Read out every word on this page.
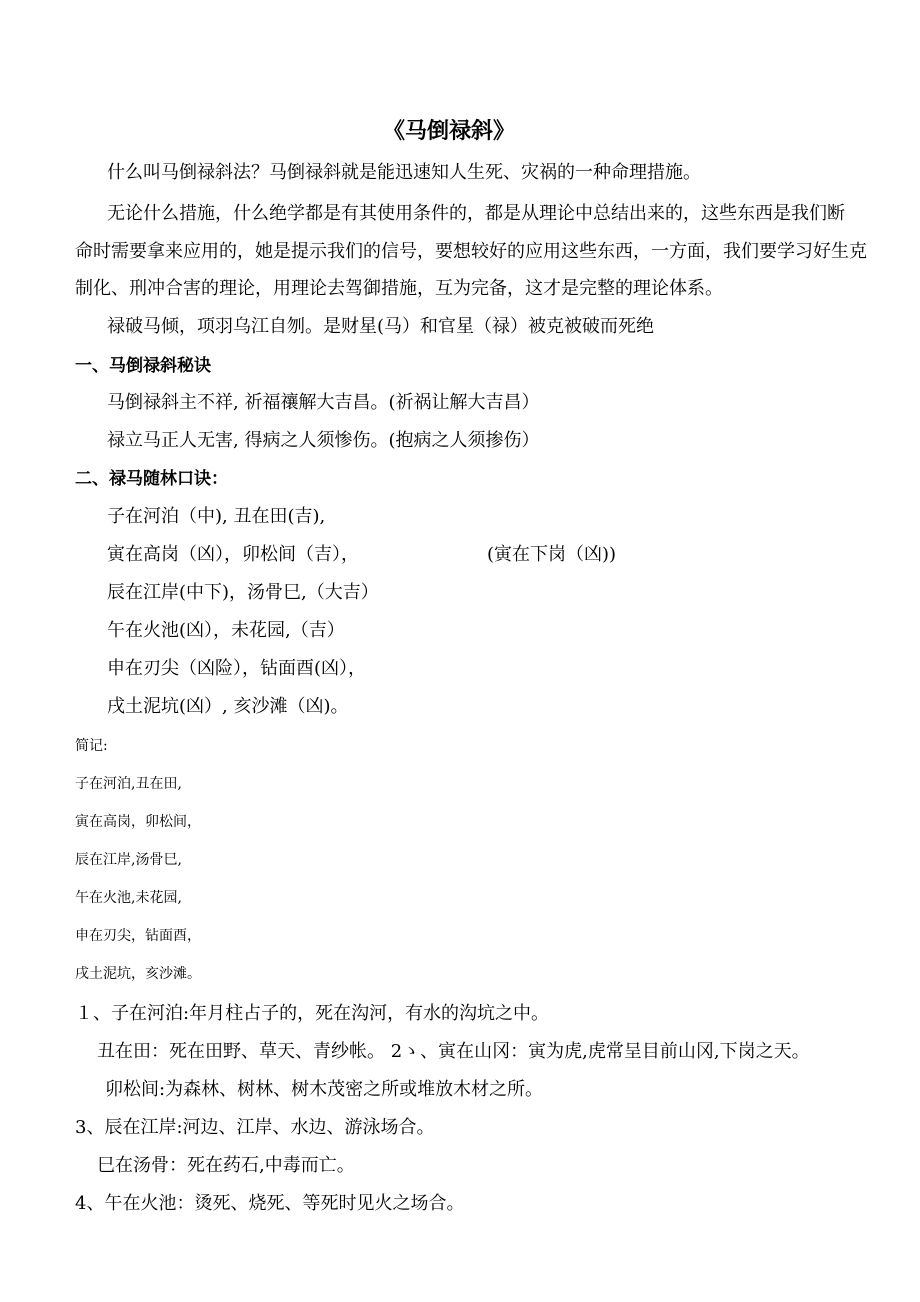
《马倒禄斜》
什么叫马倒禄斜法？马倒禄斜就是能迅速知人生死、灾祸的一种命理措施。
无论什么措施，什么绝学都是有其使用条件的，都是从理论中总结出来的，这些东西是我们断
命时需要拿来应用的，她是提示我们的信号，要想较好的应用这些东西，一方面，我们要学习好生克
制化、刑冲合害的理论，用理论去驾御措施，互为完备，这才是完整的理论体系。
禄破马倾，项羽乌江自刎。是财星(马）和官星（禄）被克被破而死绝
一、马倒禄斜秘诀
马倒禄斜主不祥, 祈福禳解大吉昌。(祈祸让解大吉昌）
禄立马正人无害, 得病之人须惨伤。(抱病之人须掺伤）
二、禄马随林口诀：
子在河泊（中), 丑在田(吉),
寅在高岗（凶），卯松间（吉），	(寅在下岗（凶))
辰在江岸(中下)，汤骨巳,（大吉）
午在火池(凶），未花园,（吉）
申在刃尖（凶险），钻面酉(凶），
戌土泥坑(凶）, 亥沙滩（凶)。
简记:
子在河泊,丑在田,
寅在高岗，卯松间，
辰在江岸,汤骨巳,
午在火池,未花园,
申在刃尖，钻面酉，
戌土泥坑，亥沙滩。
１、子在河泊:年月柱占子的，死在沟河，有水的沟坑之中。
丑在田：死在田野、草天、青纱帐。 2ゝ、寅在山冈：寅为虎,虎常呈目前山冈,下岗之天。
卯松间:为森林、树林、树木茂密之所或堆放木材之所。
3、辰在江岸:河边、江岸、水边、游泳场合。
巳在汤骨：死在药石,中毒而亡。
4、午在火池：烫死、烧死、等死时见火之场合。
